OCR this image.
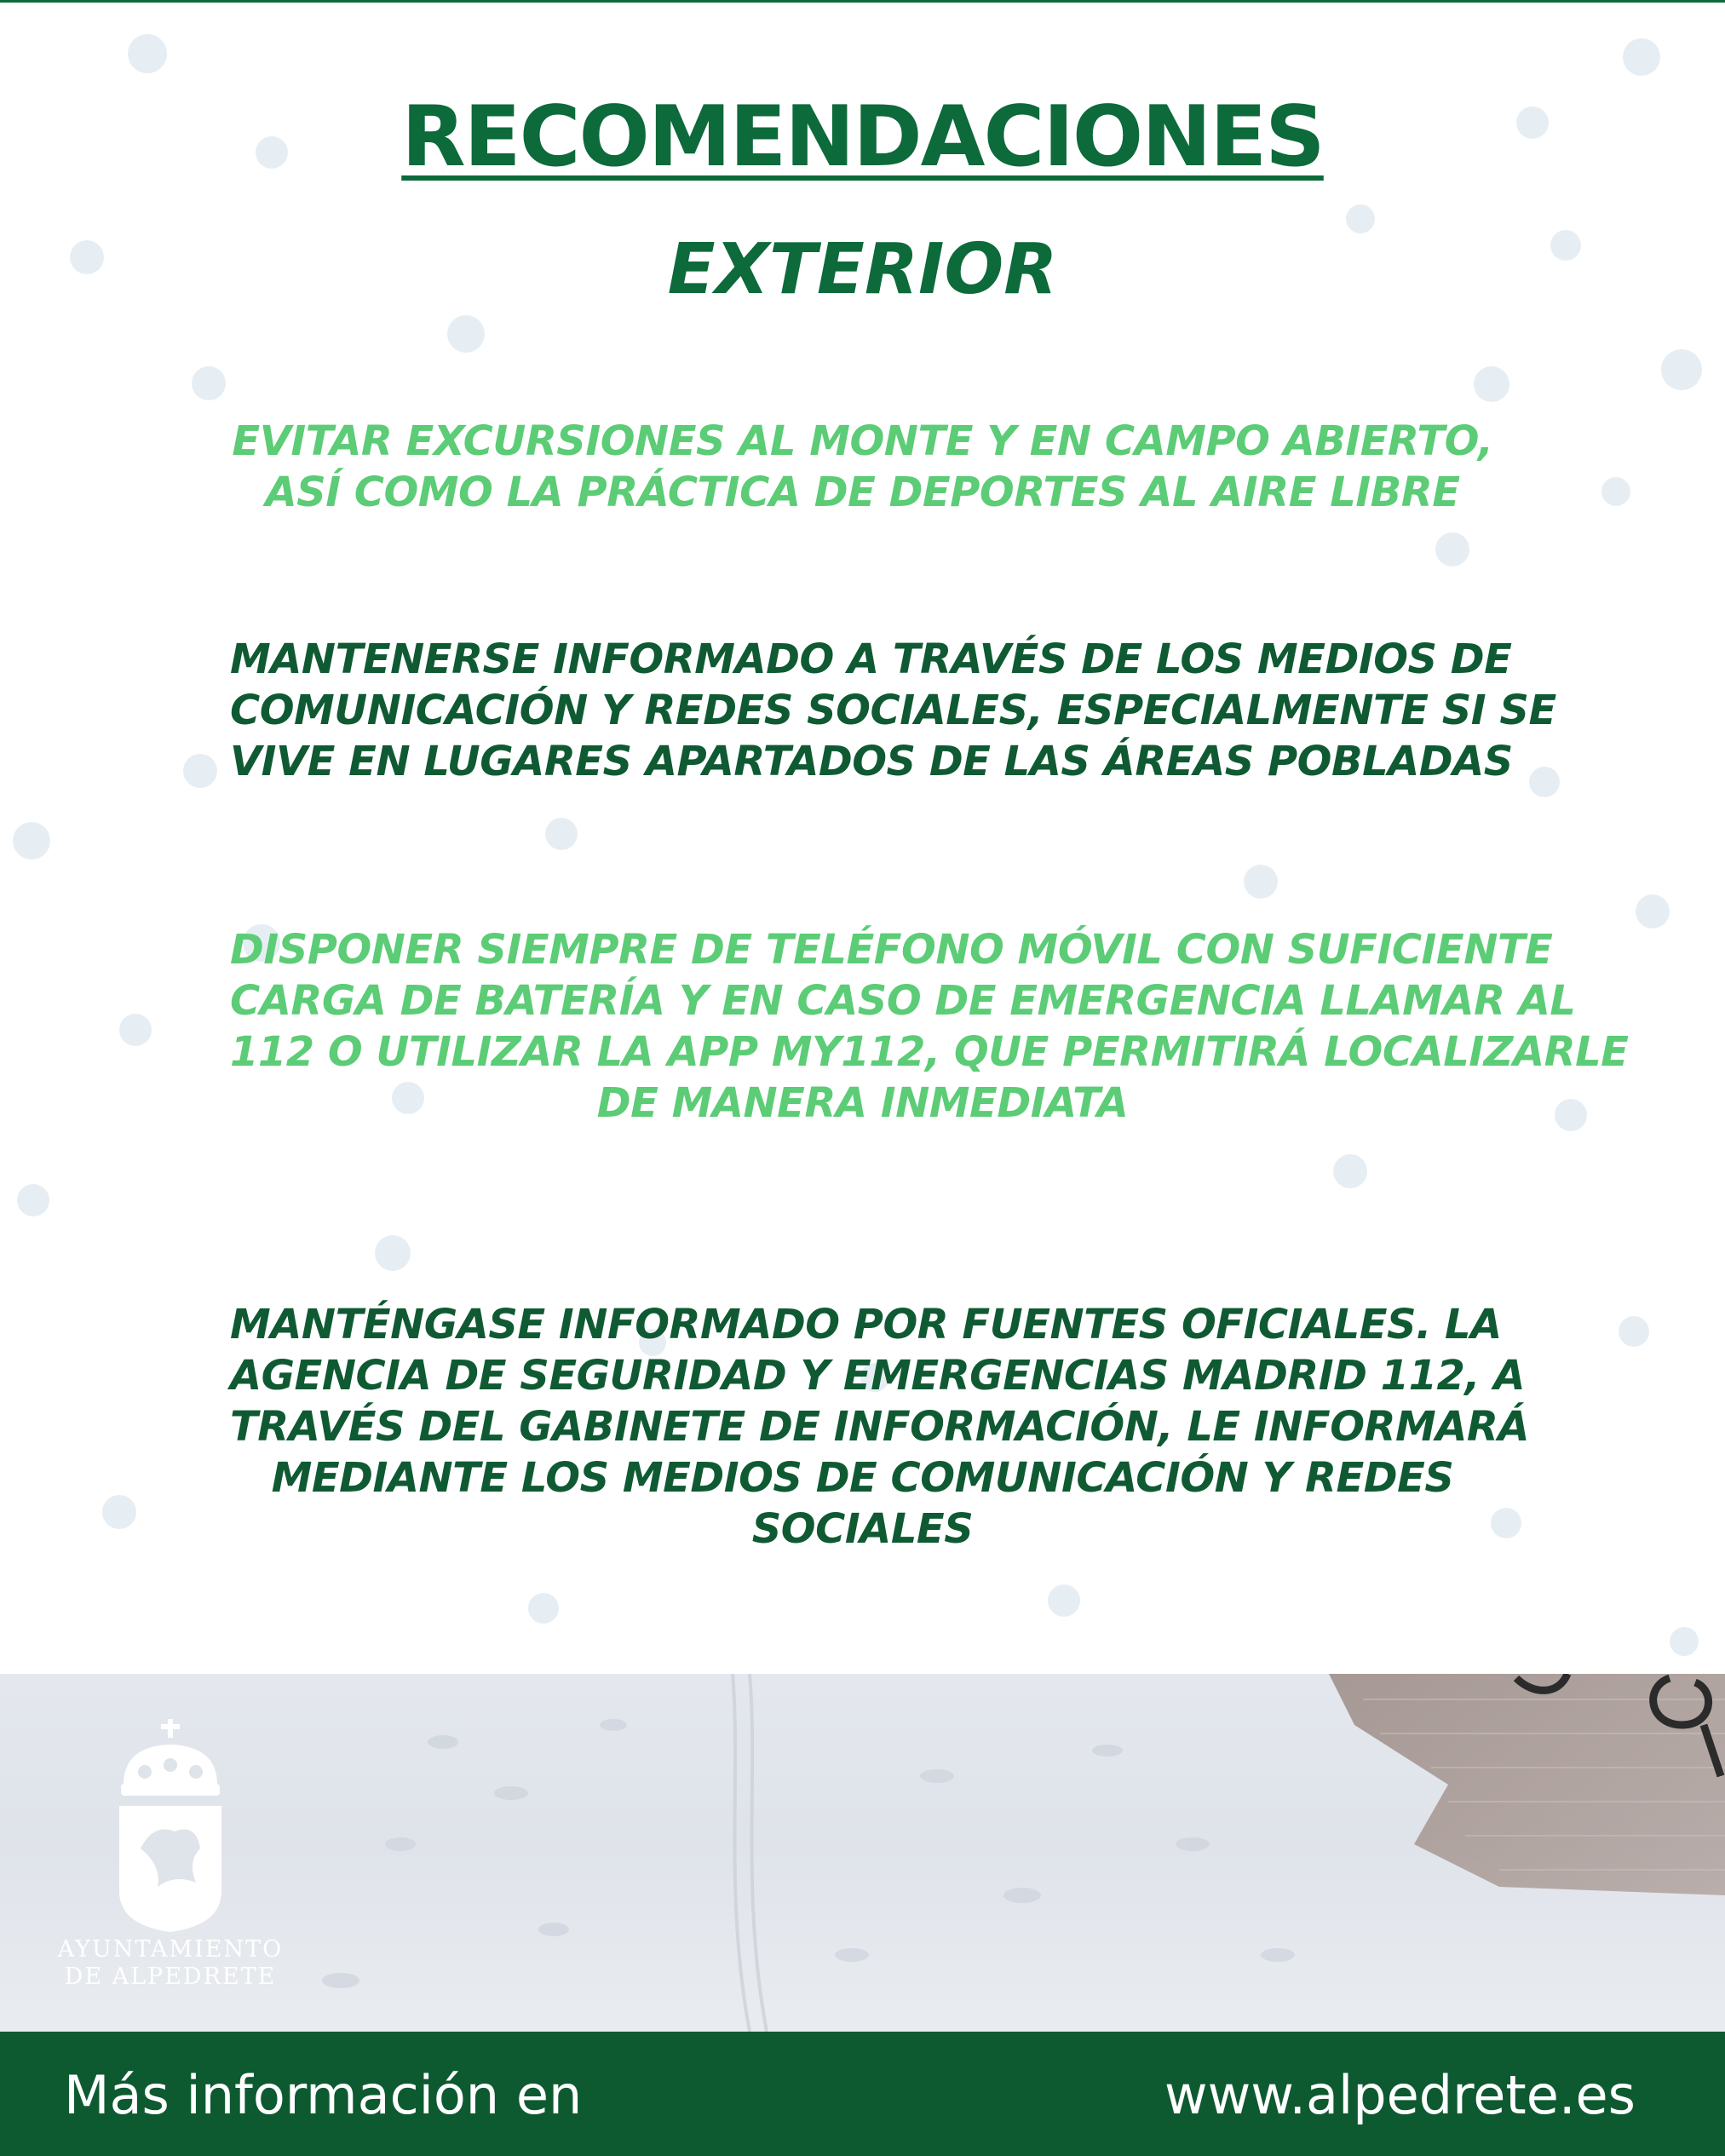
RECOMENDACIONES
EXTERIOR

EVITAR EXCURSIONES AL MONTE Y EN CAMPO ABIERTO,
ASÍ COMO LA PRÁCTICA DE DEPORTES AL AIRE LIBRE

MANTENERSE INFORMADO A TRAVÉS DE LOS MEDIOS DE
COMUNICACIÓN Y REDES SOCIALES, ESPECIALMENTE SI SE
VIVE EN LUGARES APARTADOS DE LAS ÁREAS POBLADAS

DISPONER SIEMPRE DE TELÉFONO MÓVIL CON SUFICIENTE
CARGA DE BATERÍA Y EN CASO DE EMERGENCIA LLAMAR AL
112 O UTILIZAR LA APP MY112, QUE PERMITIRÁ LOCALIZARLE
DE MANERA INMEDIATA

MANTÉNGASE INFORMADO POR FUENTES OFICIALES. LA
AGENCIA DE SEGURIDAD Y EMERGENCIAS MADRID 112, A
TRAVÉS DEL GABINETE DE INFORMACIÓN, LE INFORMARÁ
MEDIANTE LOS MEDIOS DE COMUNICACIÓN Y REDES
SOCIALES

AYUNTAMIENTO
DE ALPEDRETE
Más información en	www.alpedrete.es
